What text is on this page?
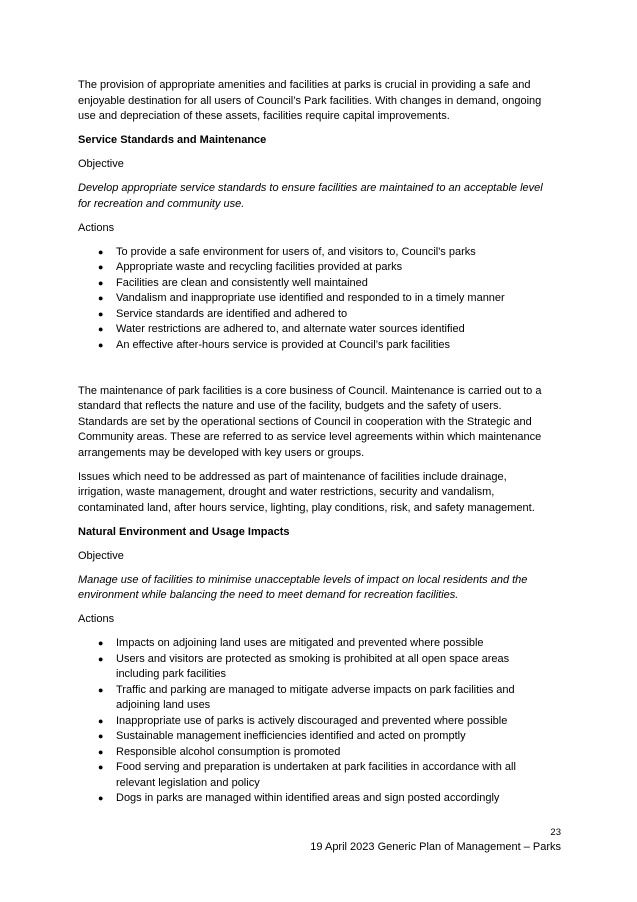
The provision of appropriate amenities and facilities at parks is crucial in providing a safe and enjoyable destination for all users of Council’s Park facilities. With changes in demand, ongoing use and depreciation of these assets, facilities require capital improvements.

Service Standards and Maintenance

Objective

Develop appropriate service standards to ensure facilities are maintained to an acceptable level for recreation and community use.

Actions

● To provide a safe environment for users of, and visitors to, Council's parks
● Appropriate waste and recycling facilities provided at parks
● Facilities are clean and consistently well maintained
● Vandalism and inappropriate use identified and responded to in a timely manner
● Service standards are identified and adhered to
● Water restrictions are adhered to, and alternate water sources identified
● An effective after-hours service is provided at Council’s park facilities

The maintenance of park facilities is a core business of Council. Maintenance is carried out to a standard that reflects the nature and use of the facility, budgets and the safety of users. Standards are set by the operational sections of Council in cooperation with the Strategic and Community areas. These are referred to as service level agreements within which maintenance arrangements may be developed with key users or groups.

Issues which need to be addressed as part of maintenance of facilities include drainage, irrigation, waste management, drought and water restrictions, security and vandalism, contaminated land, after hours service, lighting, play conditions, risk, and safety management.

Natural Environment and Usage Impacts

Objective

Manage use of facilities to minimise unacceptable levels of impact on local residents and the environment while balancing the need to meet demand for recreation facilities.

Actions

● Impacts on adjoining land uses are mitigated and prevented where possible
● Users and visitors are protected as smoking is prohibited at all open space areas including park facilities
● Traffic and parking are managed to mitigate adverse impacts on park facilities and adjoining land uses
● Inappropriate use of parks is actively discouraged and prevented where possible
● Sustainable management inefficiencies identified and acted on promptly
● Responsible alcohol consumption is promoted
● Food serving and preparation is undertaken at park facilities in accordance with all relevant legislation and policy
● Dogs in parks are managed within identified areas and sign posted accordingly
23
19 April 2023 Generic Plan of Management – Parks
